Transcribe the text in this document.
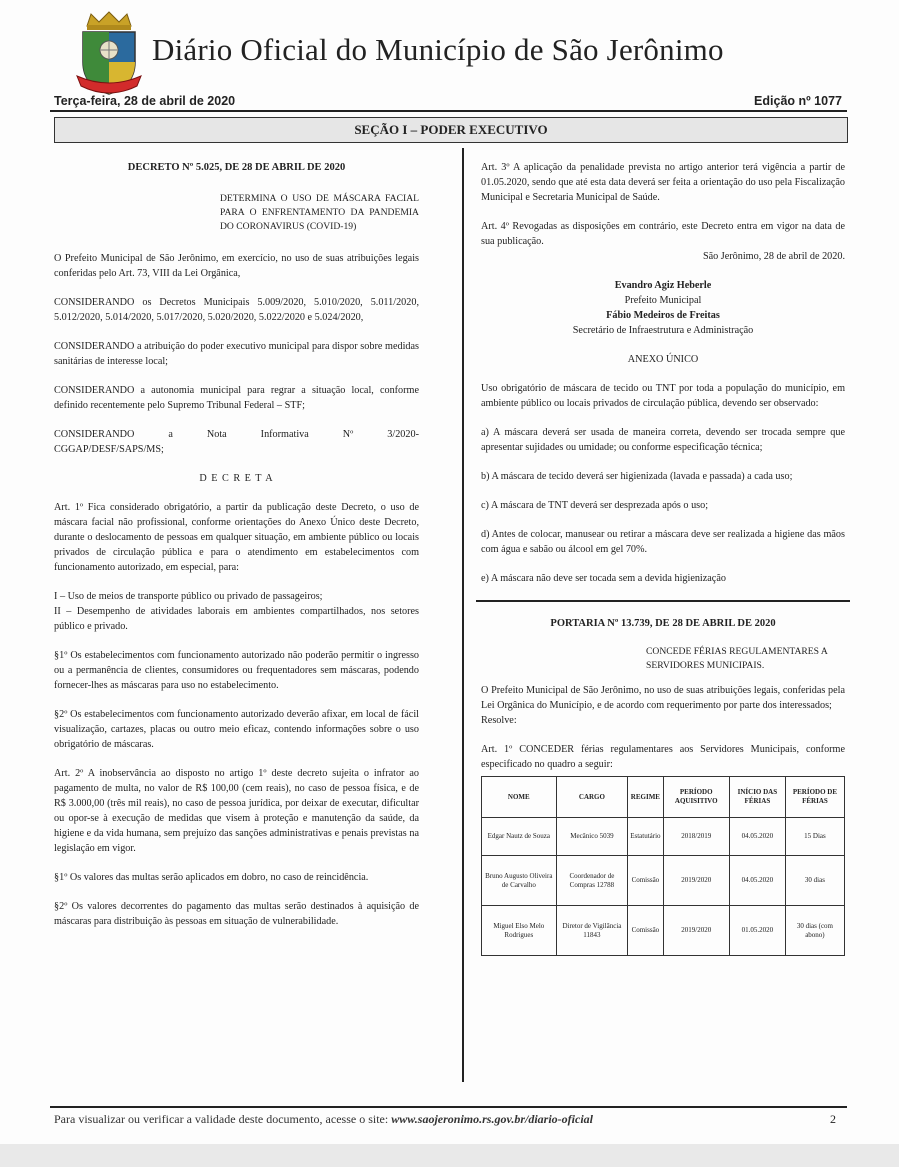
Diário Oficial do Município de São Jerônimo
Terça-feira, 28 de abril de 2020	Edição nº 1077
SEÇÃO I – PODER EXECUTIVO

DECRETO Nº 5.025, DE 28 DE ABRIL DE 2020

DETERMINA O USO DE MÁSCARA FACIAL PARA O ENFRENTAMENTO DA PANDEMIA DO CORONAVIRUS (COVID-19)

O Prefeito Municipal de São Jerônimo, em exercício, no uso de suas atribuições legais conferidas pelo Art. 73, VIII da Lei Orgânica,

CONSIDERANDO os Decretos Municipais 5.009/2020, 5.010/2020, 5.011/2020, 5.012/2020, 5.014/2020, 5.017/2020, 5.020/2020, 5.022/2020 e 5.024/2020,

CONSIDERANDO a atribuição do poder executivo municipal para dispor sobre medidas sanitárias de interesse local;

CONSIDERANDO a autonomia municipal para regrar a situação local, conforme definido recentemente pelo Supremo Tribunal Federal – STF;

CONSIDERANDO	a	Nota	Informativa	Nº	3/2020-

CGGAP/DESF/SAPS/MS;

D E C R E T A

Art. 1º Fica considerado obrigatório, a partir da publicação deste Decreto, o uso de máscara facial não profissional, conforme orientações do Anexo Único deste Decreto, durante o deslocamento de pessoas em qualquer situação, em ambiente público ou locais privados de circulação pública e para o atendimento em estabelecimentos com funcionamento autorizado, em especial, para:

I – Uso de meios de transporte público ou privado de passageiros;

II – Desempenho de atividades laborais em ambientes compartilhados, nos setores público e privado.

§1º Os estabelecimentos com funcionamento autorizado não poderão permitir o ingresso ou a permanência de clientes, consumidores ou frequentadores sem máscaras, podendo fornecer-lhes as máscaras para uso no estabelecimento.

§2º Os estabelecimentos com funcionamento autorizado deverão afixar, em local de fácil visualização, cartazes, placas ou outro meio eficaz, contendo informações sobre o uso obrigatório de máscaras.

Art. 2º A inobservância ao disposto no artigo 1º deste decreto sujeita o infrator ao pagamento de multa, no valor de R$ 100,00 (cem reais), no caso de pessoa física, e de R$ 3.000,00 (três mil reais), no caso de pessoa jurídica, por deixar de executar, dificultar ou opor-se à execução de medidas que visem à proteção e manutenção da saúde, da higiene e da vida humana, sem prejuízo das sanções administrativas e penais previstas na legislação em vigor.

§1º Os valores das multas serão aplicados em dobro, no caso de reincidência.

§2º Os valores decorrentes do pagamento das multas serão destinados à aquisição de máscaras para distribuição às pessoas em situação de vulnerabilidade.

Art. 3º A aplicação da penalidade prevista no artigo anterior terá vigência a partir de 01.05.2020, sendo que até esta data deverá ser feita a orientação do uso pela Fiscalização Municipal e Secretaria Municipal de Saúde.

Art. 4º Revogadas as disposições em contrário, este Decreto entra em vigor na data de sua publicação.

São Jerônimo, 28 de abril de 2020.

Evandro Agiz Heberle

Prefeito Municipal

Fábio Medeiros de Freitas

Secretário de Infraestrutura e Administração

ANEXO ÚNICO

Uso obrigatório de máscara de tecido ou TNT por toda a população do município, em ambiente público ou locais privados de circulação pública, devendo ser observado:

a) A máscara deverá ser usada de maneira correta, devendo ser trocada sempre que apresentar sujidades ou umidade; ou conforme especificação técnica;

b) A máscara de tecido deverá ser higienizada (lavada e passada) a cada uso;

c) A máscara de TNT deverá ser desprezada após o uso;

d) Antes de colocar, manusear ou retirar a máscara deve ser realizada a higiene das mãos com água e sabão ou álcool em gel 70%.

e) A máscara não deve ser tocada sem a devida higienização

PORTARIA Nº 13.739, DE 28 DE ABRIL DE 2020

CONCEDE FÉRIAS REGULAMENTARES A SERVIDORES MUNICIPAIS.

O Prefeito Municipal de São Jerônimo, no uso de suas atribuições legais, conferidas pela Lei Orgânica do Município, e de acordo com requerimento por parte dos interessados;

Resolve:

Art. 1º CONCEDER férias regulamentares aos Servidores Municipais, conforme especificado no quadro a seguir:

NOME	CARGO	REGIME	PERÍODO AQUISITIVO	INÍCIO DAS FÉRIAS	PERÍODO DE FÉRIAS
Edgar Nautz de Souza	Mecânico 5039	Estatutário	2018/2019	04.05.2020	15 Dias
Bruno Augusto Oliveira de Carvalho	Coordenador de Compras 12788	Comissão	2019/2020	04.05.2020	30 dias
Miguel Elso Melo Rodrigues	Diretor de Vigilância 11843	Comissão	2019/2020	01.05.2020	30 dias (com abono)
Para visualizar ou verificar a validade deste documento, acesse o site: www.saojeronimo.rs.gov.br/diario-oficial	2
